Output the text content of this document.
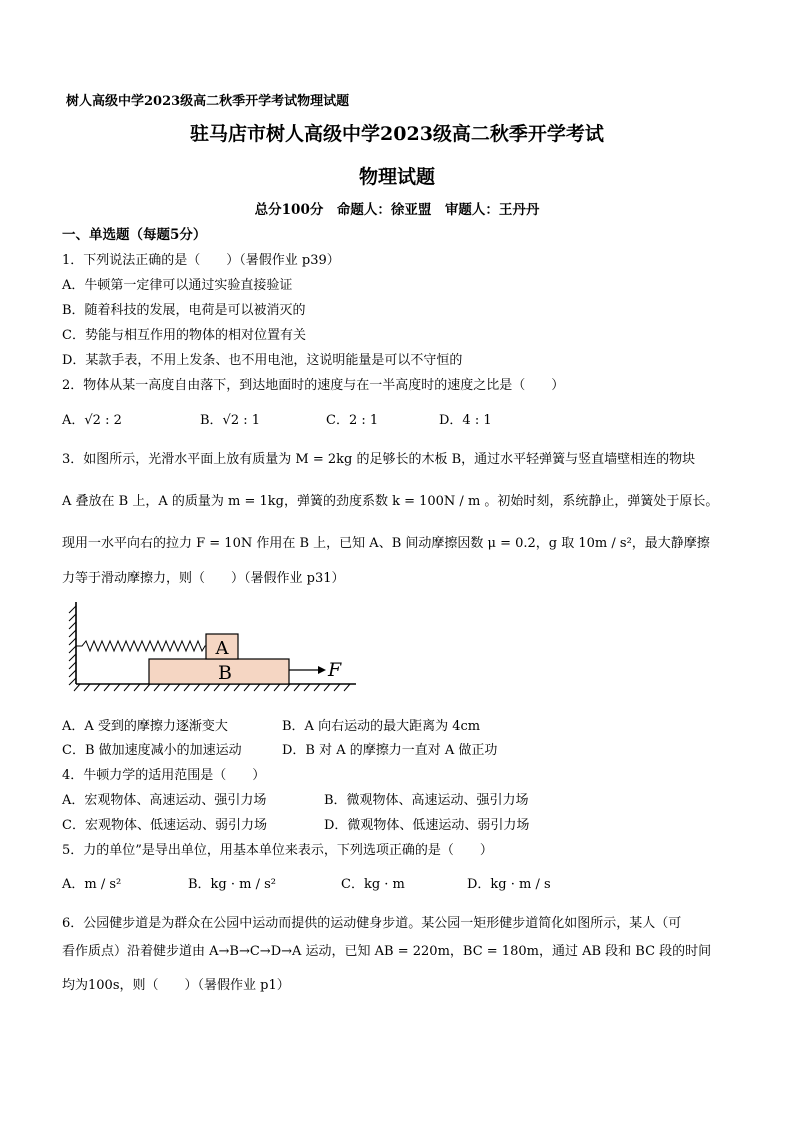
树人高级中学2023级高二秋季开学考试物理试题
驻马店市树人高级中学2023级高二秋季开学考试
物理试题
总分100分　命题人：徐亚盟　审题人：王丹丹
一、单选题（每题5分）
1．下列说法正确的是（　　）（暑假作业 p39）
A．牛顿第一定律可以通过实验直接验证
B．随着科技的发展，电荷是可以被消灭的
C．势能与相互作用的物体的相对位置有关
D．某款手表，不用上发条、也不用电池，这说明能量是可以不守恒的
2．物体从某一高度自由落下，到达地面时的速度与在一半高度时的速度之比是（　　）
A．√2 : 2	B．√2 : 1	C．2 : 1	D．4 : 1
3．如图所示，光滑水平面上放有质量为 M = 2kg 的足够长的木板 B，通过水平轻弹簧与竖直墙壁相连的物块
A 叠放在 B 上，A 的质量为 m = 1kg，弹簧的劲度系数 k = 100N / m 。初始时刻，系统静止，弹簧处于原长。
现用一水平向右的拉力 F = 10N 作用在 B 上，已知 A、B 间动摩擦因数 μ = 0.2，g 取 10m / s²，最大静摩擦
力等于滑动摩擦力，则（　　）（暑假作业 p31）
B
A
F
A．A 受到的摩擦力逐渐变大	B．A 向右运动的最大距离为 4cm
C．B 做加速度减小的加速运动	D．B 对 A 的摩擦力一直对 A 做正功
4．牛顿力学的适用范围是（　　）
A．宏观物体、高速运动、强引力场	B．微观物体、高速运动、强引力场
C．宏观物体、低速运动、弱引力场	D．微观物体、低速运动、弱引力场
5．力的单位”是导出单位，用基本单位来表示，下列选项正确的是（　　）
A．m / s²	B．kg · m / s²	C．kg · m	D．kg · m / s
6．公园健步道是为群众在公园中运动而提供的运动健身步道。某公园一矩形健步道简化如图所示，某人（可
看作质点）沿着健步道由 A→B→C→D→A 运动，已知 AB = 220m，BC = 180m，通过 AB 段和 BC 段的时间
均为100s，则（　　）（暑假作业 p1）
